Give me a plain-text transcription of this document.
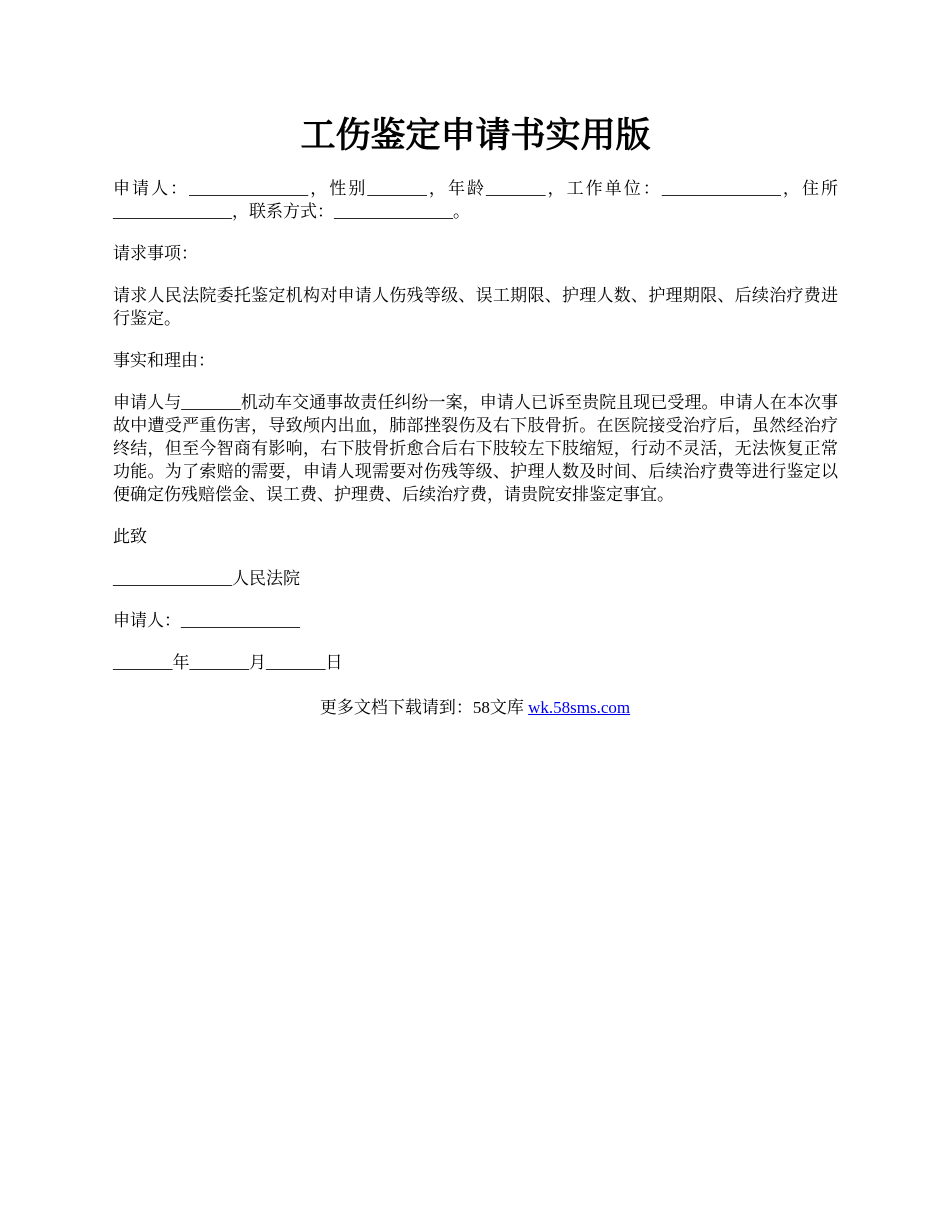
工伤鉴定申请书实用版

申请人：______________，性别_______，年龄_______，工作单位：______________，住所______________，联系方式：______________。

请求事项：

请求人民法院委托鉴定机构对申请人伤残等级、误工期限、护理人数、护理期限、后续治疗费进行鉴定。

事实和理由：

申请人与_______机动车交通事故责任纠纷一案，申请人已诉至贵院且现已受理。申请人在本次事故中遭受严重伤害，导致颅内出血，肺部挫裂伤及右下肢骨折。在医院接受治疗后，虽然经治疗终结，但至今智商有影响，右下肢骨折愈合后右下肢较左下肢缩短，行动不灵活，无法恢复正常功能。为了索赔的需要，申请人现需要对伤残等级、护理人数及时间、后续治疗费等进行鉴定以便确定伤残赔偿金、误工费、护理费、后续治疗费，请贵院安排鉴定事宜。

此致

______________人民法院

申请人：______________

_______年_______月_______日

更多文档下载请到：58文库 wk.58sms.com
